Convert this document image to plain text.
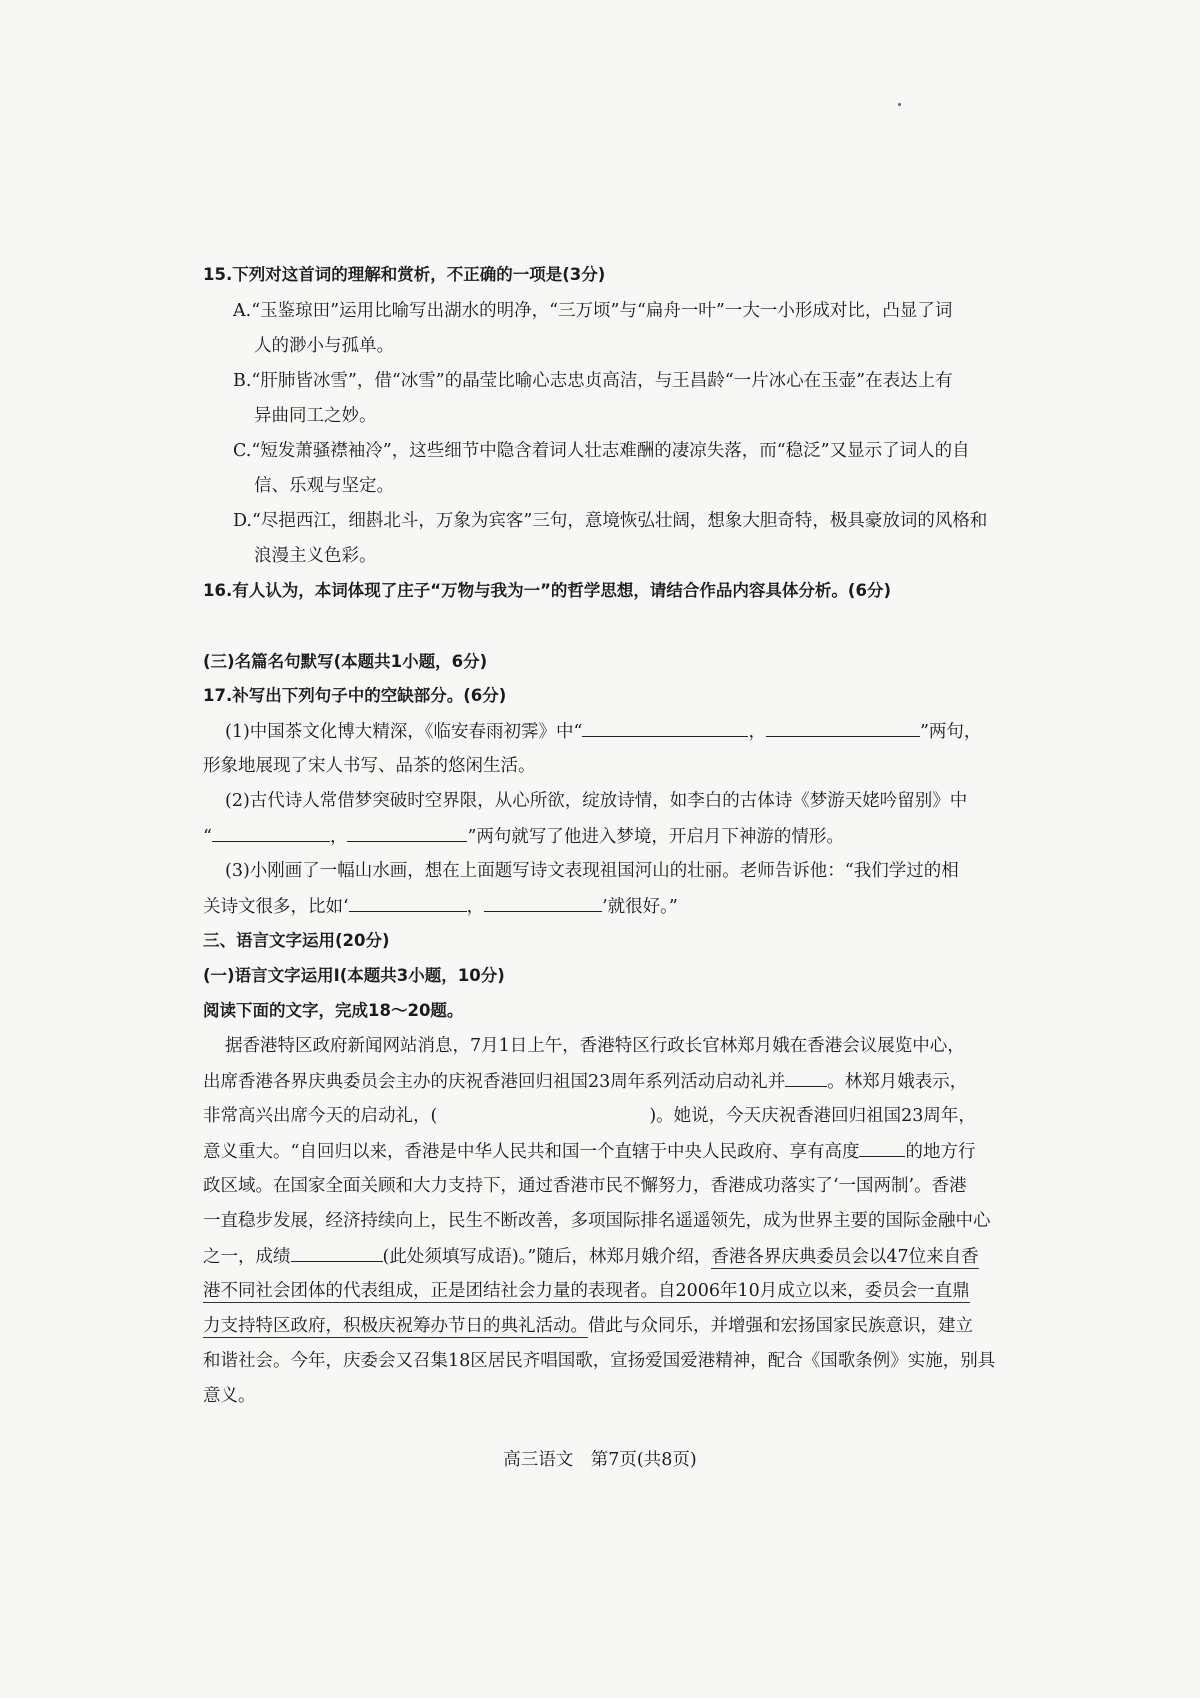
15.下列对这首词的理解和赏析，不正确的一项是(3分)
A.“玉鉴琼田”运用比喻写出湖水的明净，“三万顷”与“扁舟一叶”一大一小形成对比，凸显了词
人的渺小与孤单。
B.“肝肺皆冰雪”，借“冰雪”的晶莹比喻心志忠贞高洁，与王昌龄“一片冰心在玉壶”在表达上有
异曲同工之妙。
C.“短发萧骚襟袖冷”，这些细节中隐含着词人壮志难酬的凄凉失落，而“稳泛”又显示了词人的自
信、乐观与坚定。
D.“尽挹西江，细斟北斗，万象为宾客”三句，意境恢弘壮阔，想象大胆奇特，极具豪放词的风格和
浪漫主义色彩。
16.有人认为，本词体现了庄子“万物与我为一”的哲学思想，请结合作品内容具体分析。(6分)
(三)名篇名句默写(本题共1小题，6分)
17.补写出下列句子中的空缺部分。(6分)
(1)中国茶文化博大精深，《临安春雨初霁》中“	，	”两句，
形象地展现了宋人书写、品茶的悠闲生活。
(2)古代诗人常借梦突破时空界限，从心所欲，绽放诗情，如李白的古体诗《梦游天姥吟留别》中
“	，	”两句就写了他进入梦境，开启月下神游的情形。
(3)小刚画了一幅山水画，想在上面题写诗文表现祖国河山的壮丽。老师告诉他：“我们学过的相
关诗文很多，比如‘	，	’就很好。”
三、语言文字运用(20分)
(一)语言文字运用Ⅰ(本题共3小题，10分)
阅读下面的文字，完成18～20题。
据香港特区政府新闻网站消息，7月1日上午，香港特区行政长官林郑月娥在香港会议展览中心，
出席香港各界庆典委员会主办的庆祝香港回归祖国23周年系列活动启动礼并 。林郑月娥表示，
非常高兴出席今天的启动礼，(	)。她说，今天庆祝香港回归祖国23周年，
意义重大。“自回归以来，香港是中华人民共和国一个直辖于中央人民政府、享有高度	的地方行
政区域。在国家全面关顾和大力支持下，通过香港市民不懈努力，香港成功落实了‘一国两制’。香港
一直稳步发展，经济持续向上，民生不断改善，多项国际排名遥遥领先，成为世界主要的国际金融中心
之一，成绩	(此处须填写成语)。”随后，林郑月娥介绍，香港各界庆典委员会以47位来自香
港不同社会团体的代表组成，正是团结社会力量的表现者。自2006年10月成立以来，委员会一直鼎
力支持特区政府，积极庆祝筹办节日的典礼活动。借此与众同乐，并增强和宏扬国家民族意识，建立
和谐社会。今年，庆委会又召集18区居民齐唱国歌，宣扬爱国爱港精神，配合《国歌条例》实施，别具
意义。
高三语文　第7页(共8页)
